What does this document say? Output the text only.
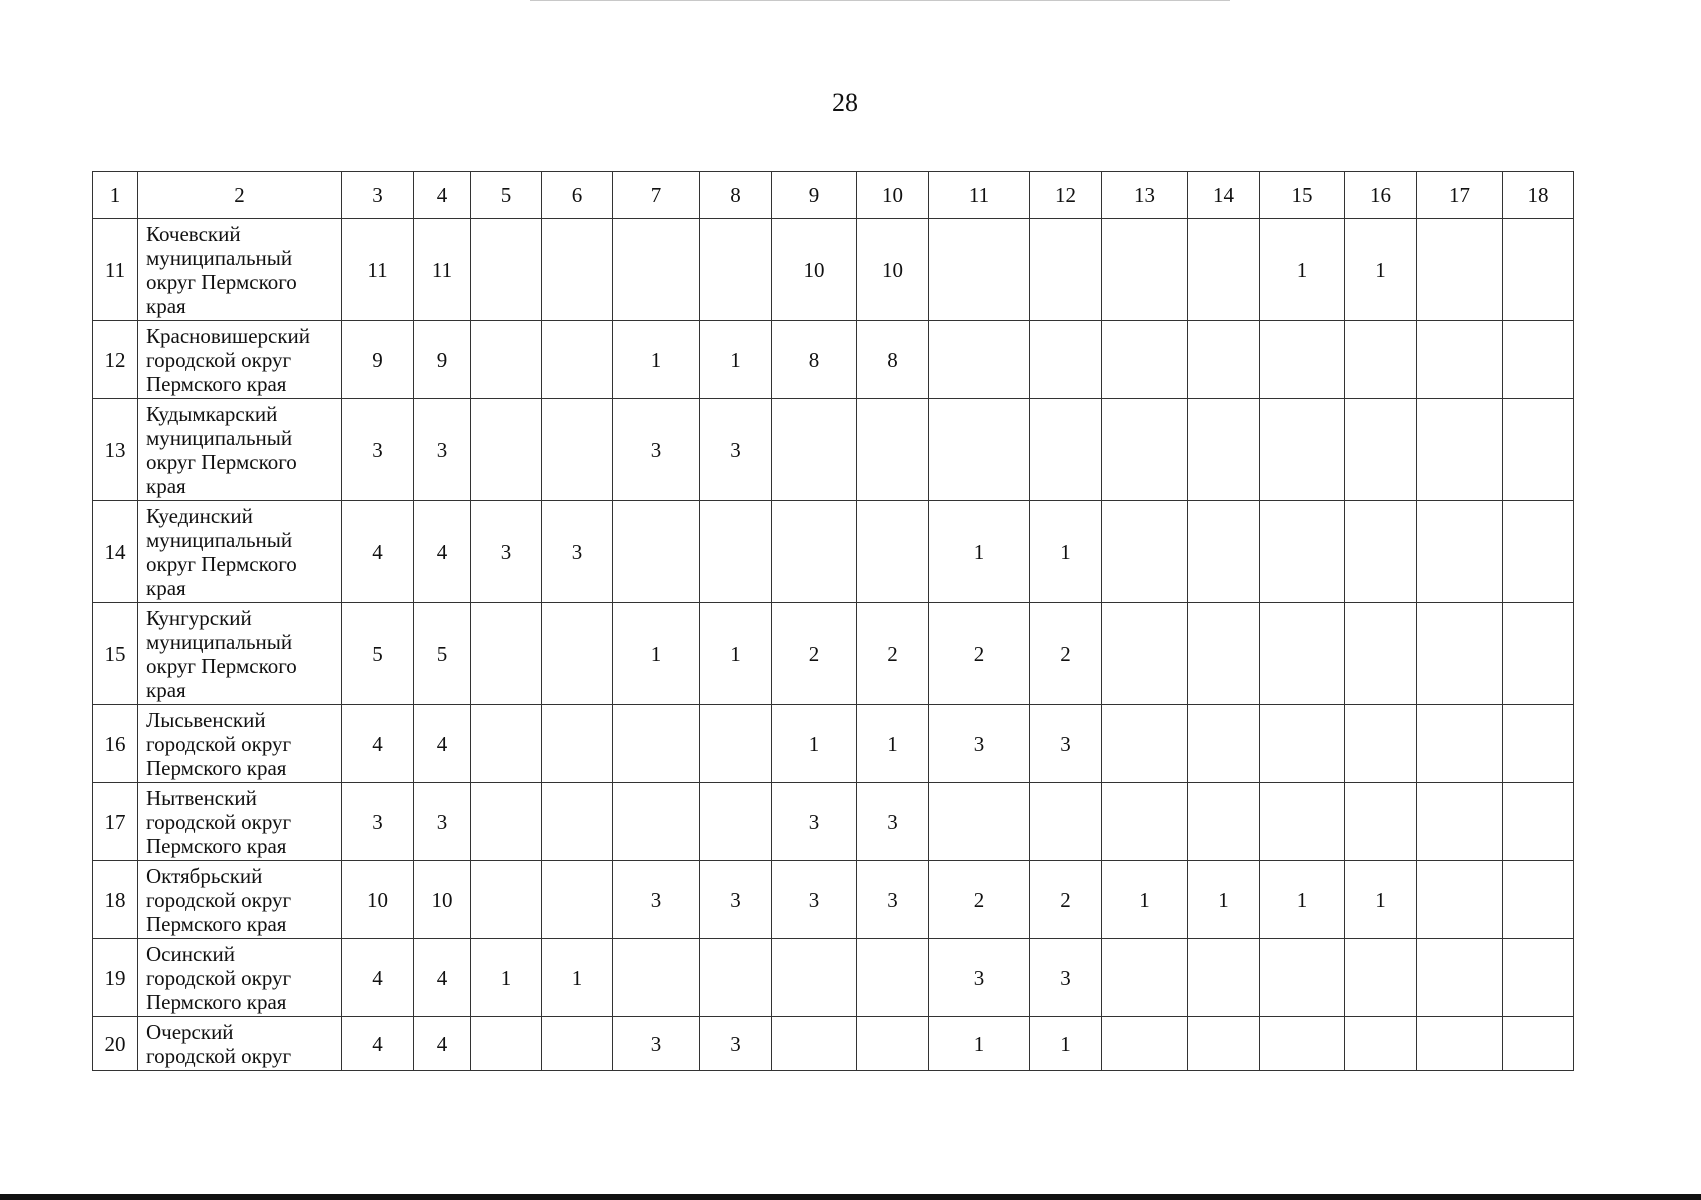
28
1	2	3	4	5	6	7	8	9	10	11	12	13	14	15	16	17	18
11	Кочевский
муниципальный
округ Пермского
края	11	11					10	10					1	1		
12	Красновишерский
городской округ
Пермского края	9	9			1	1	8	8								
13	Кудымкарский
муниципальный
округ Пермского
края	3	3			3	3										
14	Куединский
муниципальный
округ Пермского
края	4	4	3	3					1	1						
15	Кунгурский
муниципальный
округ Пермского
края	5	5			1	1	2	2	2	2						
16	Лысьвенский
городской округ
Пермского края	4	4					1	1	3	3						
17	Нытвенский
городской округ
Пермского края	3	3					3	3								
18	Октябрьский
городской округ
Пермского края	10	10			3	3	3	3	2	2	1	1	1	1		
19	Осинский
городской округ
Пермского края	4	4	1	1					3	3						
20	Очерский
городской округ	4	4			3	3			1	1						
